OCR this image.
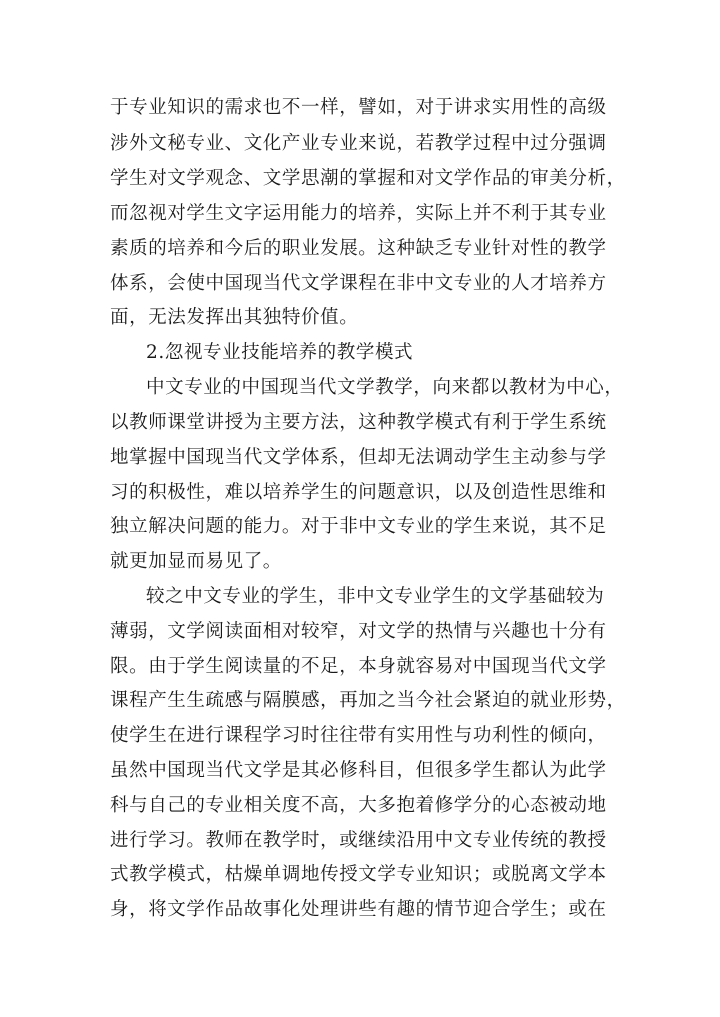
于专业知识的需求也不一样，譬如，对于讲求实用性的高级
涉外文秘专业、文化产业专业来说，若教学过程中过分强调
学生对文学观念、文学思潮的掌握和对文学作品的审美分析，
而忽视对学生文字运用能力的培养，实际上并不利于其专业
素质的培养和今后的职业发展。这种缺乏专业针对性的教学
体系，会使中国现当代文学课程在非中文专业的人才培养方
面，无法发挥出其独特价值。
2.忽视专业技能培养的教学模式
中文专业的中国现当代文学教学，向来都以教材为中心，
以教师课堂讲授为主要方法，这种教学模式有利于学生系统
地掌握中国现当代文学体系，但却无法调动学生主动参与学
习的积极性，难以培养学生的问题意识，以及创造性思维和
独立解决问题的能力。对于非中文专业的学生来说，其不足
就更加显而易见了。
较之中文专业的学生，非中文专业学生的文学基础较为
薄弱，文学阅读面相对较窄，对文学的热情与兴趣也十分有
限。由于学生阅读量的不足，本身就容易对中国现当代文学
课程产生生疏感与隔膜感，再加之当今社会紧迫的就业形势，
使学生在进行课程学习时往往带有实用性与功利性的倾向，
虽然中国现当代文学是其必修科目，但很多学生都认为此学
科与自己的专业相关度不高，大多抱着修学分的心态被动地
进行学习。教师在教学时，或继续沿用中文专业传统的教授
式教学模式，枯燥单调地传授文学专业知识；或脱离文学本
身，将文学作品故事化处理讲些有趣的情节迎合学生；或在
